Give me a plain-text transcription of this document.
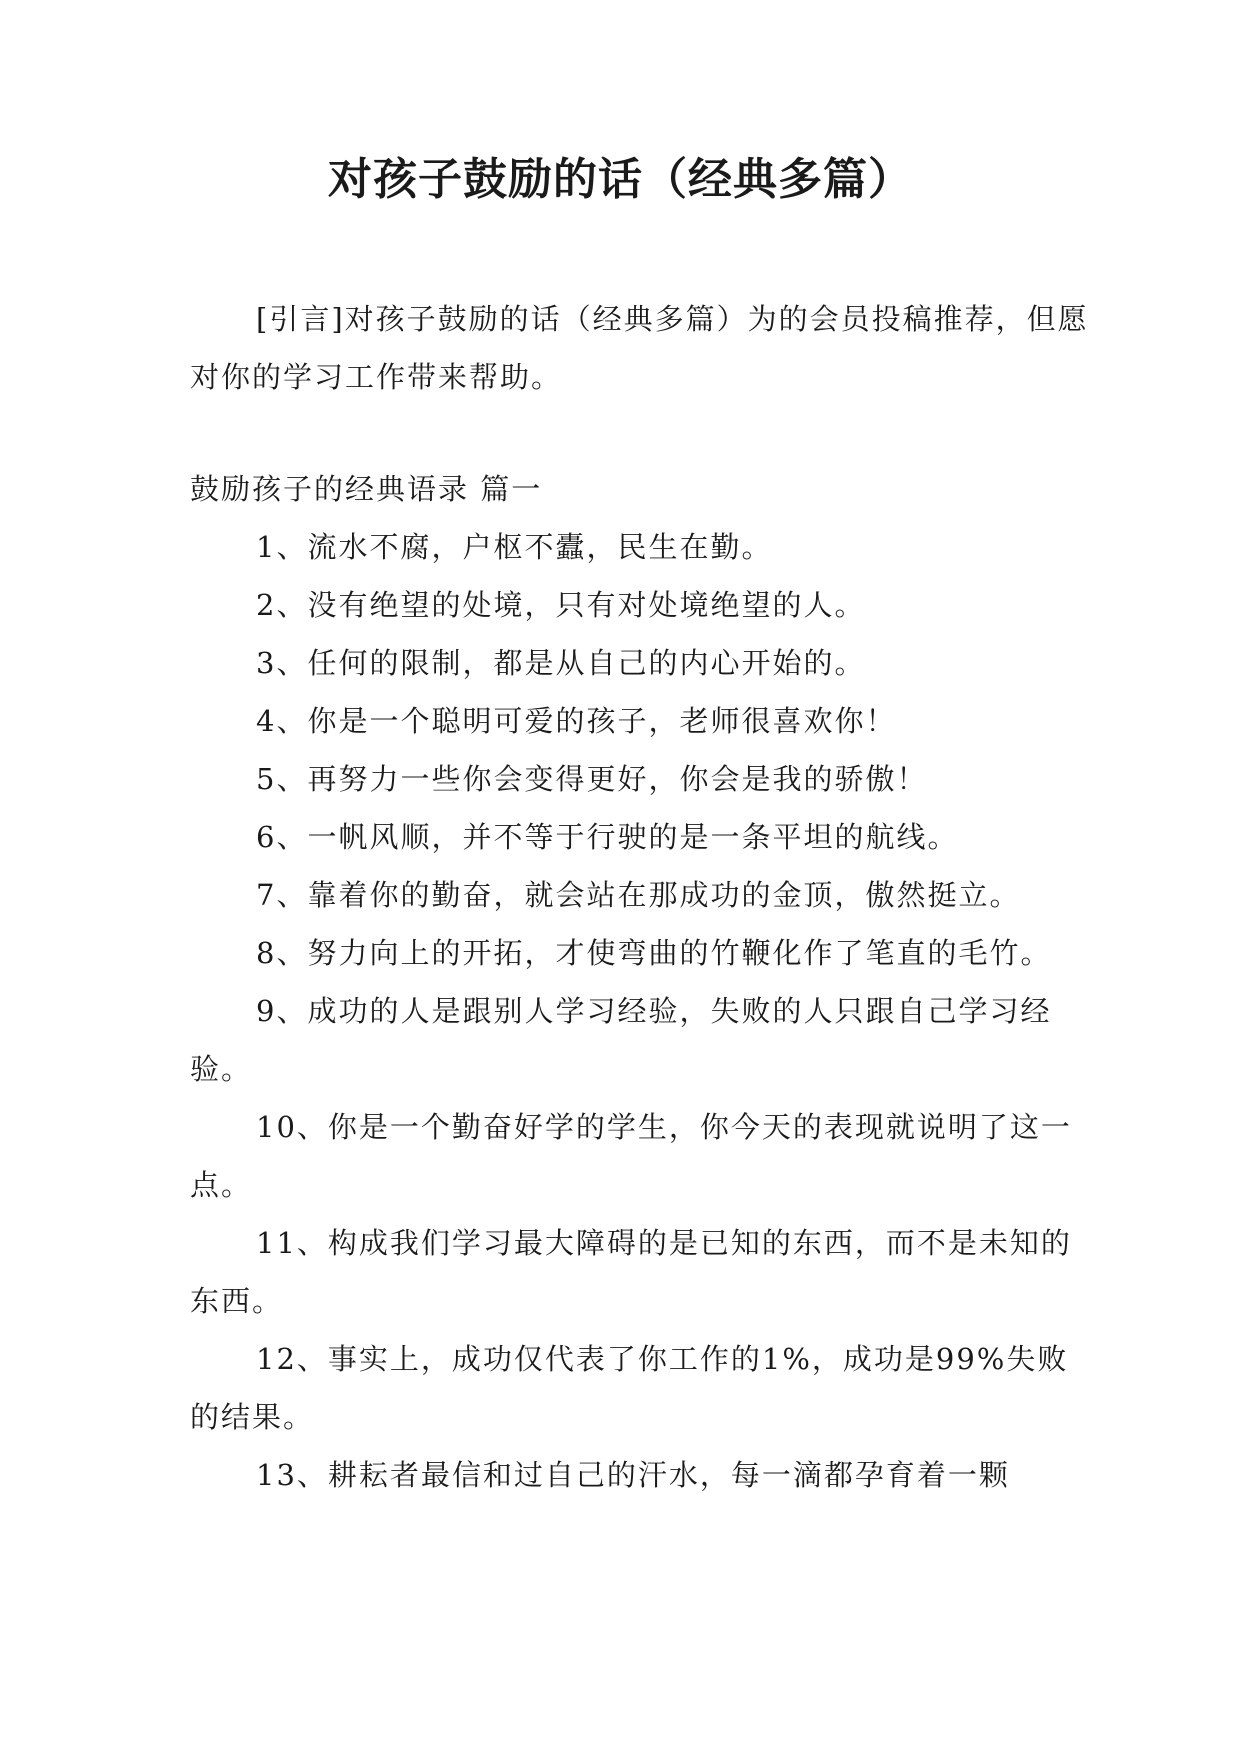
对孩子鼓励的话（经典多篇）

[引言]对孩子鼓励的话（经典多篇）为的会员投稿推荐，但愿对你的学习工作带来帮助。

鼓励孩子的经典语录 篇一

1、流水不腐，户枢不蠹，民生在勤。
2、没有绝望的处境，只有对处境绝望的人。
3、任何的限制，都是从自己的内心开始的。
4、你是一个聪明可爱的孩子，老师很喜欢你！
5、再努力一些你会变得更好，你会是我的骄傲！
6、一帆风顺，并不等于行驶的是一条平坦的航线。
7、靠着你的勤奋，就会站在那成功的金顶，傲然挺立。
8、努力向上的开拓，才使弯曲的竹鞭化作了笔直的毛竹。
9、成功的人是跟别人学习经验，失败的人只跟自己学习经验。
10、你是一个勤奋好学的学生，你今天的表现就说明了这一点。
11、构成我们学习最大障碍的是已知的东西，而不是未知的东西。
12、事实上，成功仅代表了你工作的1%，成功是99%失败的结果。
13、耕耘者最信和过自己的汗水，每一滴都孕育着一颗
